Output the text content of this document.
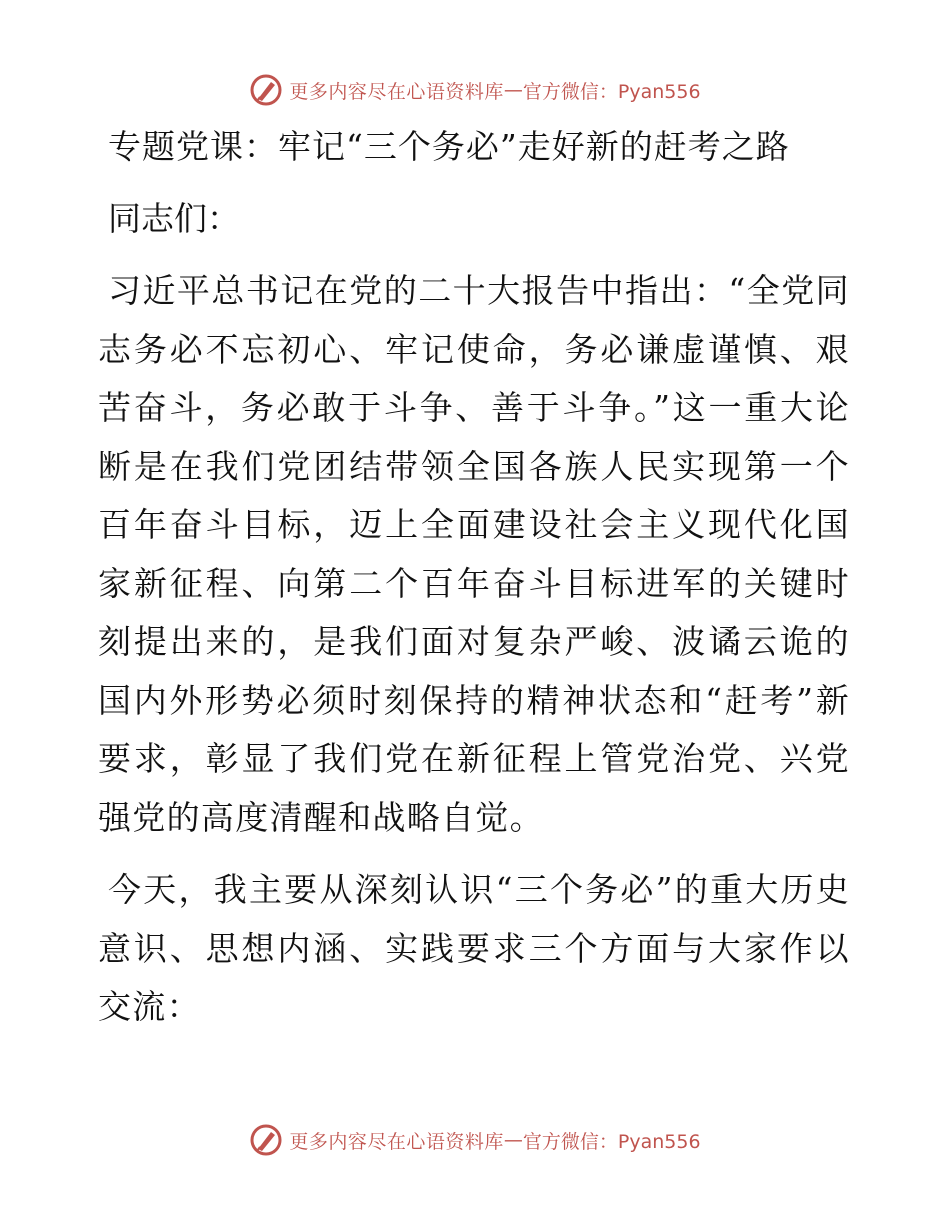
更多内容尽在心语资料库 — 官方微信：Pyan556
专题党课：牢记“三个务必”走好新的赶考之路
同志们：

习近平总书记在党的二十大报告中指出：“全党同志务必不忘初心、牢记使命，务必谦虚谨慎、艰苦奋斗，务必敢于斗争、善于斗争。”这一重大论断是在我们党团结带领全国各族人民实现第一个百年奋斗目标，迈上全面建设社会主义现代化国家新征程、向第二个百年奋斗目标进军的关键时刻提出来的，是我们面对复杂严峻、波谲云诡的国内外形势必须时刻保持的精神状态和“赶考”新要求，彰显了我们党在新征程上管党治党、兴党强党的高度清醒和战略自觉。

今天，我主要从深刻认识“三个务必”的重大历史意识、思想内涵、实践要求三个方面与大家作以交流：

更多内容尽在心语资料库 — 官方微信：Pyan556
